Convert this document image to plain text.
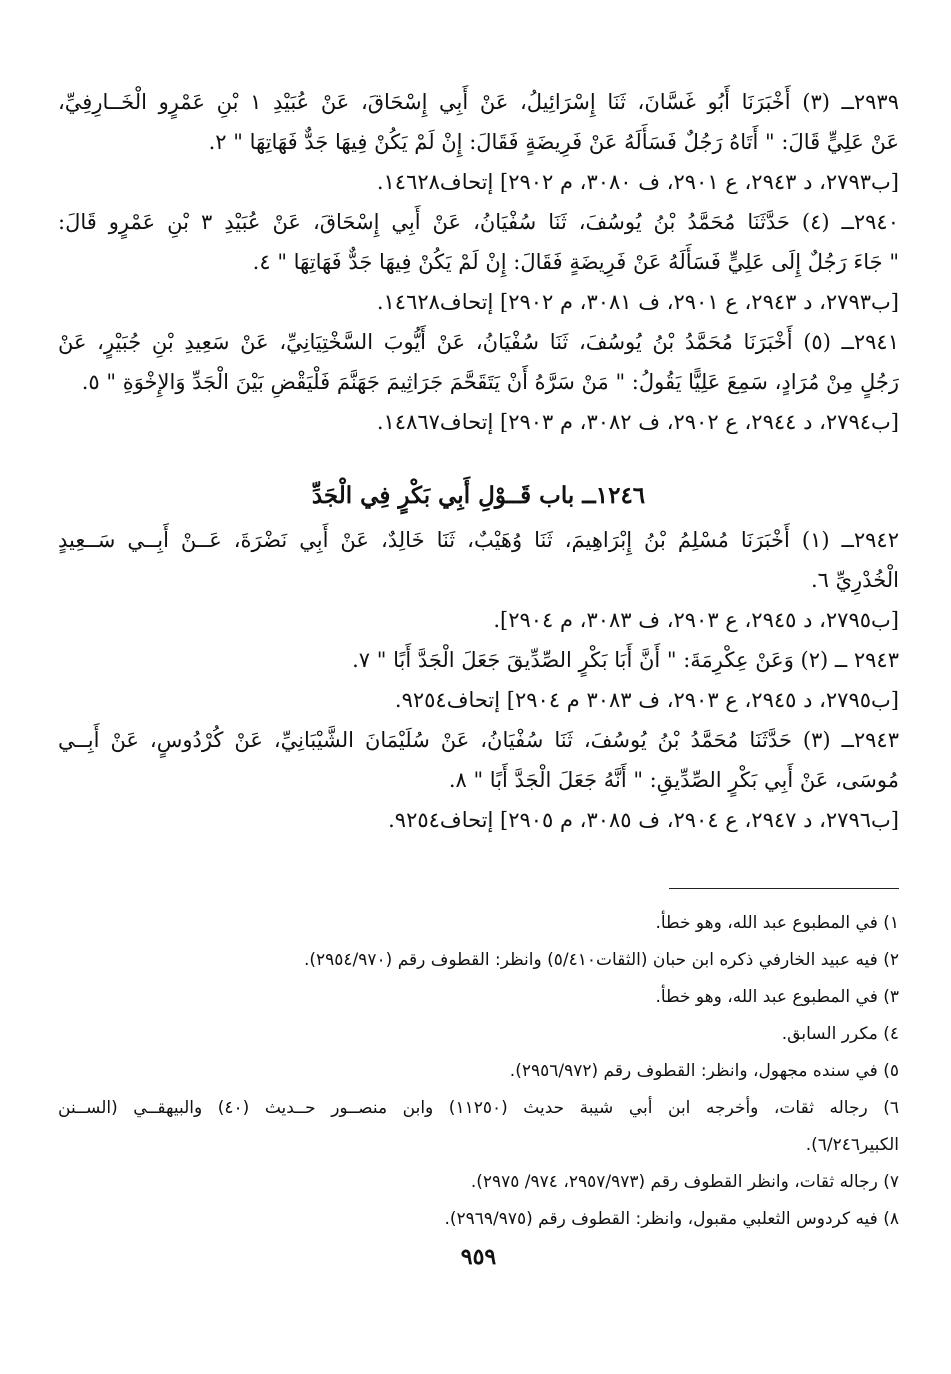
٢٩٣٩ــ (٣) أَخْبَرَنَا أَبُو غَسَّانَ، ثَنَا إِسْرَائِيلُ، عَنْ أَبِي إِسْحَاقَ، عَنْ عُبَيْدِ ١ بْنِ عَمْرٍو الْخَــارِفِيِّ،
عَنْ عَلِيٍّ قَالَ: " أَتَاهُ رَجُلٌ فَسَأَلَهُ عَنْ فَرِيضَةٍ فَقَالَ: إِنْ لَمْ يَكُنْ فِيهَا جَدٌّ فَهَاتِهَا " ٢.
[ب٢٧٩٣، د ٢٩٤٣، ع ٢٩٠١، ف ٣٠٨٠، م ٢٩٠٢] إتحاف١٤٦٢٨.
٢٩٤٠ــ (٤) حَدَّثَنَا مُحَمَّدُ بْنُ يُوسُفَ، ثَنَا سُفْيَانُ، عَنْ أَبِي إِسْحَاقَ، عَنْ عُبَيْدِ ٣ بْنِ عَمْرٍو قَالَ:
" جَاءَ رَجُلٌ إِلَى عَلِيٍّ فَسَأَلَهُ عَنْ فَرِيضَةٍ فَقَالَ: إِنْ لَمْ يَكُنْ فِيهَا جَدٌّ فَهَاتِهَا " ٤.
[ب٢٧٩٣، د ٢٩٤٣، ع ٢٩٠١، ف ٣٠٨١، م ٢٩٠٢] إتحاف١٤٦٢٨.
٢٩٤١ــ (٥) أَخْبَرَنَا مُحَمَّدُ بْنُ يُوسُفَ، ثَنَا سُفْيَانُ، عَنْ أَيُّوبَ السَّخْتِيَانِيِّ، عَنْ سَعِيدِ بْنِ جُبَيْرٍ، عَنْ
رَجُلٍ مِنْ مُرَادٍ، سَمِعَ عَلِيًّا يَقُولُ: " مَنْ سَرَّهُ أَنْ يَتَقَحَّمَ جَرَاثِيمَ جَهَنَّمَ فَلْيَقْضِ بَيْنَ الْجَدِّ وَالإِخْوَةِ " ٥.
[ب٢٧٩٤، د ٢٩٤٤، ع ٢٩٠٢، ف ٣٠٨٢، م ٢٩٠٣] إتحاف١٤٨٦٧.
١٢٤٦ــ باب قَــوْلِ أَبِي بَكْرٍ فِي الْجَدِّ
٢٩٤٢ــ (١) أَخْبَرَنَا مُسْلِمُ بْنُ إِبْرَاهِيمَ، ثَنَا وُهَيْبٌ، ثَنَا خَالِدٌ، عَنْ أَبِي نَضْرَةَ، عَــنْ أَبِــي سَــعِيدٍ
الْخُدْرِيِّ ٦.
[ب٢٧٩٥، د ٢٩٤٥، ع ٢٩٠٣، ف ٣٠٨٣، م ٢٩٠٤].
٢٩٤٣ ــ (٢) وَعَنْ عِكْرِمَةَ: " أَنَّ أَبَا بَكْرٍ الصِّدِّيقَ جَعَلَ الْجَدَّ أَبًا " ٧.
[ب٢٧٩٥، د ٢٩٤٥، ع ٢٩٠٣، ف ٣٠٨٣ م ٢٩٠٤] إتحاف٩٢٥٤.
٢٩٤٣ــ (٣) حَدَّثَنَا مُحَمَّدُ بْنُ يُوسُفَ، ثَنَا سُفْيَانُ، عَنْ سُلَيْمَانَ الشَّيْبَانِيِّ، عَنْ كُرْدُوسٍ، عَنْ أَبِــي
مُوسَى، عَنْ أَبِي بَكْرٍ الصِّدِّيقِ: " أَنَّهُ جَعَلَ الْجَدَّ أَبًا " ٨.
[ب٢٧٩٦، د ٢٩٤٧، ع ٢٩٠٤، ف ٣٠٨٥، م ٢٩٠٥] إتحاف٩٢٥٤.
١) في المطبوع عبد الله، وهو خطأ.
٢) فيه عبيد الخارفي ذكره ابن حبان (الثقات٥/٤١٠) وانظر: القطوف رقم (٢٩٥٤/٩٧٠).
٣) في المطبوع عبد الله، وهو خطأ.
٤) مكرر السابق.
٥) في سنده مجهول، وانظر: القطوف رقم (٢٩٥٦/٩٧٢).
٦) رجاله ثقات، وأخرجه ابن أبي شيبة حديث (١١٢٥٠) وابن منصــور حــديث (٤٠) والبيهقــي (الســنن
الكبير٦/٢٤٦).
٧) رجاله ثقات، وانظر القطوف رقم (٢٩٥٧/٩٧٣، ٩٧٤/ ٢٩٧٥).
٨) فيه كردوس الثعلبي مقبول، وانظر: القطوف رقم (٢٩٦٩/٩٧٥).
٩٥٩
